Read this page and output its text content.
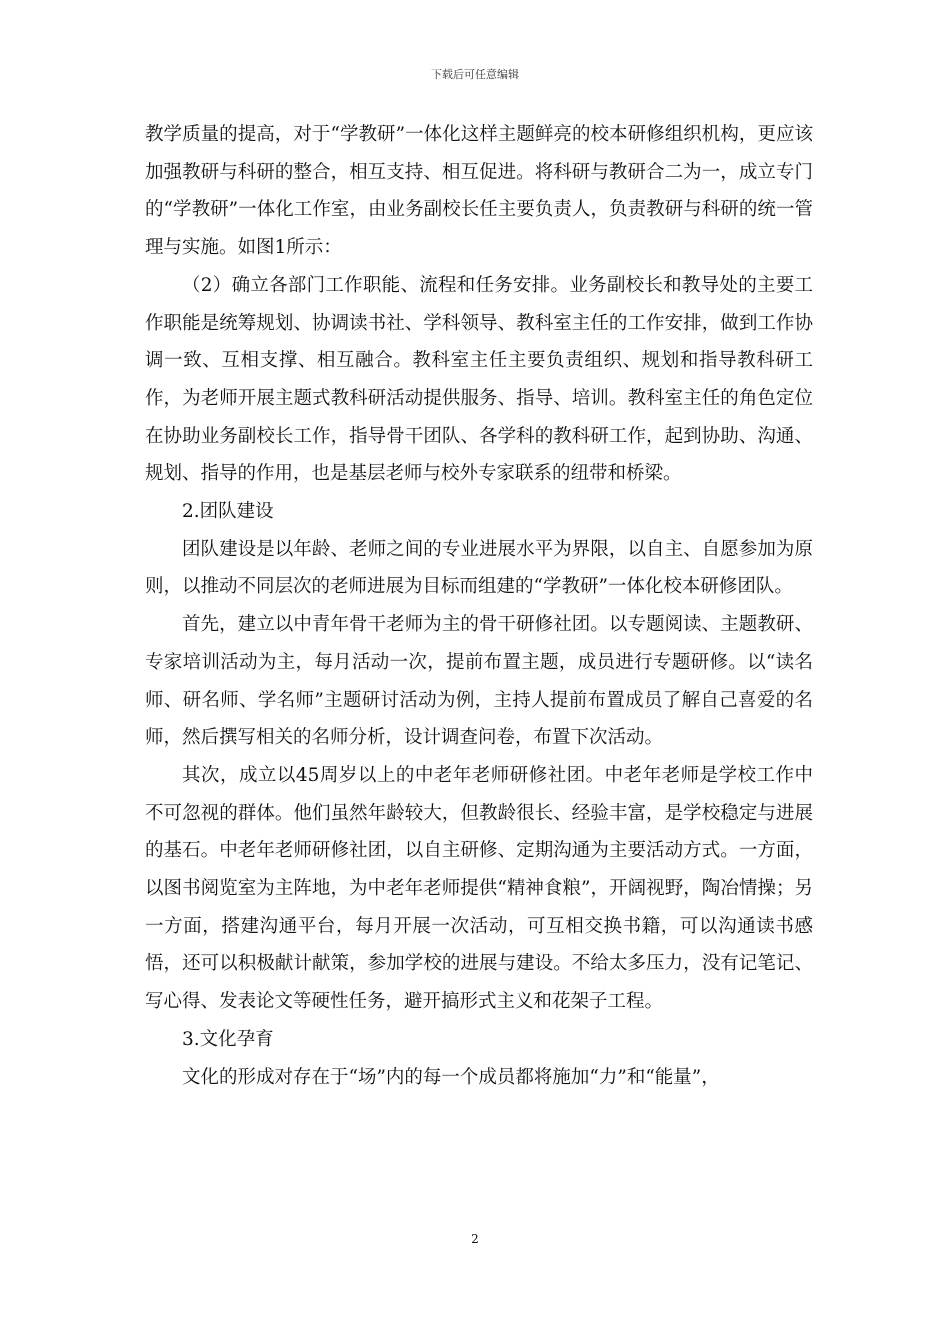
下载后可任意编辑

教学质量的提高，对于“学教研”一体化这样主题鲜亮的校本研修组织机构，更应该加强教研与科研的整合，相互支持、相互促进。将科研与教研合二为一，成立专门的“学教研”一体化工作室，由业务副校长任主要负责人，负责教研与科研的统一管理与实施。如图1所示：

（2）确立各部门工作职能、流程和任务安排。业务副校长和教导处的主要工作职能是统筹规划、协调读书社、学科领导、教科室主任的工作安排，做到工作协调一致、互相支撑、相互融合。教科室主任主要负责组织、规划和指导教科研工作，为老师开展主题式教科研活动提供服务、指导、培训。教科室主任的角色定位在协助业务副校长工作，指导骨干团队、各学科的教科研工作，起到协助、沟通、规划、指导的作用，也是基层老师与校外专家联系的纽带和桥梁。

2.团队建设

团队建设是以年龄、老师之间的专业进展水平为界限，以自主、自愿参加为原则，以推动不同层次的老师进展为目标而组建的“学教研”一体化校本研修团队。

首先，建立以中青年骨干老师为主的骨干研修社团。以专题阅读、主题教研、专家培训活动为主，每月活动一次，提前布置主题，成员进行专题研修。以“读名师、研名师、学名师”主题研讨活动为例，主持人提前布置成员了解自己喜爱的名师，然后撰写相关的名师分析，设计调查问卷，布置下次活动。

其次，成立以45周岁以上的中老年老师研修社团。中老年老师是学校工作中不可忽视的群体。他们虽然年龄较大，但教龄很长、经验丰富，是学校稳定与进展的基石。中老年老师研修社团，以自主研修、定期沟通为主要活动方式。一方面，以图书阅览室为主阵地，为中老年老师提供“精神食粮”，开阔视野，陶冶情操；另一方面，搭建沟通平台，每月开展一次活动，可互相交换书籍，可以沟通读书感悟，还可以积极献计献策，参加学校的进展与建设。不给太多压力，没有记笔记、写心得、发表论文等硬性任务，避开搞形式主义和花架子工程。

3.文化孕育

文化的形成对存在于“场”内的每一个成员都将施加“力”和“能量”，

2
